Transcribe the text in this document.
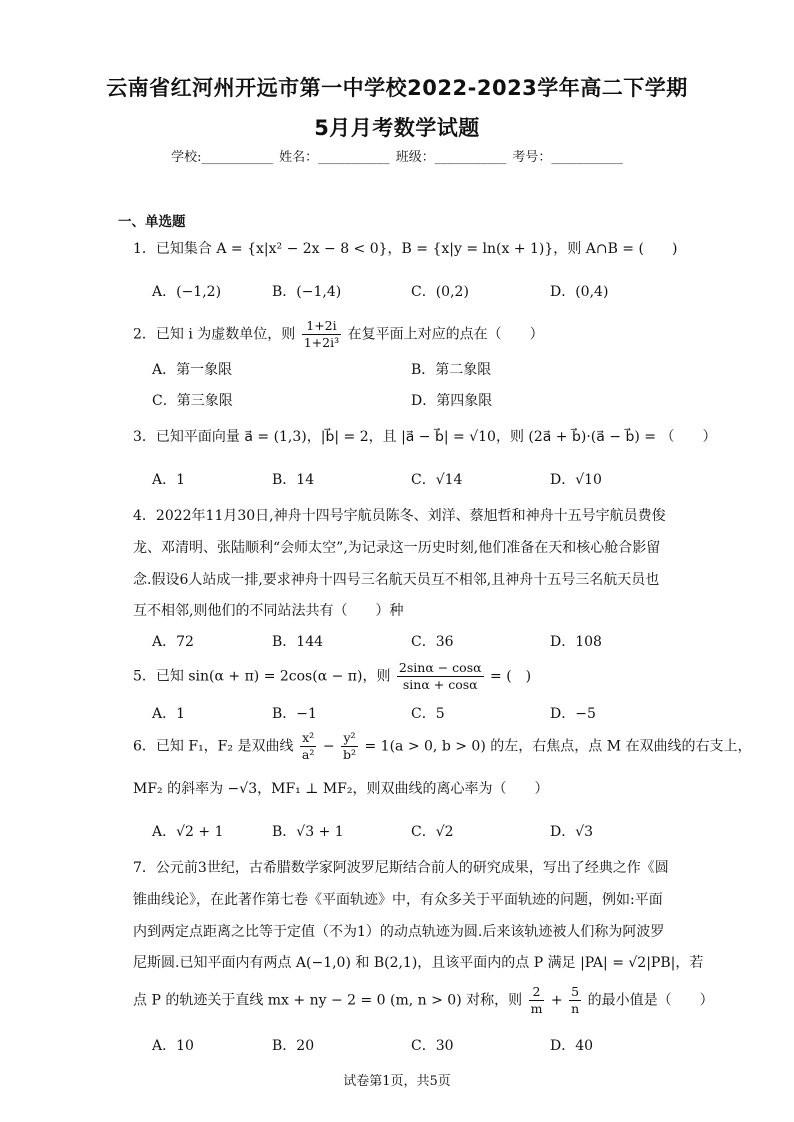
云南省红河州开远市第一中学校2022-2023学年高二下学期
5月月考数学试题
学校:___________ 姓名：___________ 班级：___________ 考号：___________
一、单选题
1．已知集合 A = {x|x² − 2x − 8 < 0}，B = {x|y = ln(x + 1)}，则 A∩B = (　　)
A．(−1,2)	B．(−1,4)	C．(0,2)	D．(0,4)
2．已知 i 为虚数单位，则 $\frac{1+2i}{\text{1+2i³}}$ 在复平面上对应的点在（　　）
A．第一象限	B．第二象限
C．第三象限	D．第四象限
3．已知平面向量 a⃗ = (1,3)，|b⃗| = 2，且 |a⃗ − b⃗| = √10，则 (2a⃗ + b⃗)·(a⃗ − b⃗) = （　　）
A．1	B．14	C．√14	D．√10
4．2022年11月30日,神舟十四号宇航员陈冬、刘洋、蔡旭哲和神舟十五号宇航员费俊
龙、邓清明、张陆顺利“会师太空”,为记录这一历史时刻,他们准备在天和核心舱合影留
念.假设6人站成一排,要求神舟十四号三名航天员互不相邻,且神舟十五号三名航天员也
互不相邻,则他们的不同站法共有（　　）种
A．72	B．144	C．36	D．108
5．已知 sin(α + π) = 2cos(α − π)，则 $\frac{2\sin\alpha - \cos\alpha}{\sin\alpha + \cos\alpha}$ = (　)
A．1	B．−1	C．5	D．−5
6．已知 F₁，F₂ 是双曲线 $\frac{\text{x²}}{\text{a²}} - \frac{\text{y²}}{\text{b²}} = 1(a > 0$, b > 0) 的左，右焦点，点 M 在双曲线的右支上，
MF₂ 的斜率为 −√3，MF₁ ⊥ MF₂，则双曲线的离心率为（　　）
A．√2 + 1	B．√3 + 1	C．√2	D．√3
7．公元前3世纪，古希腊数学家阿波罗尼斯结合前人的研究成果，写出了经典之作《圆
锥曲线论》，在此著作第七卷《平面轨迹》中，有众多关于平面轨迹的问题，例如:平面
内到两定点距离之比等于定值（不为1）的动点轨迹为圆.后来该轨迹被人们称为阿波罗
尼斯圆.已知平面内有两点 A(−1,0) 和 B(2,1)，且该平面内的点 P 满足 |PA| = √2|PB|，若
点 P 的轨迹关于直线 mx + ny − 2 = 0 (m, n > 0) 对称，则 $\frac{2}{m} + \frac{5}{n}$ 的最小值是（　　）
A．10	B．20	C．30	D．40
试卷第1页，共5页
